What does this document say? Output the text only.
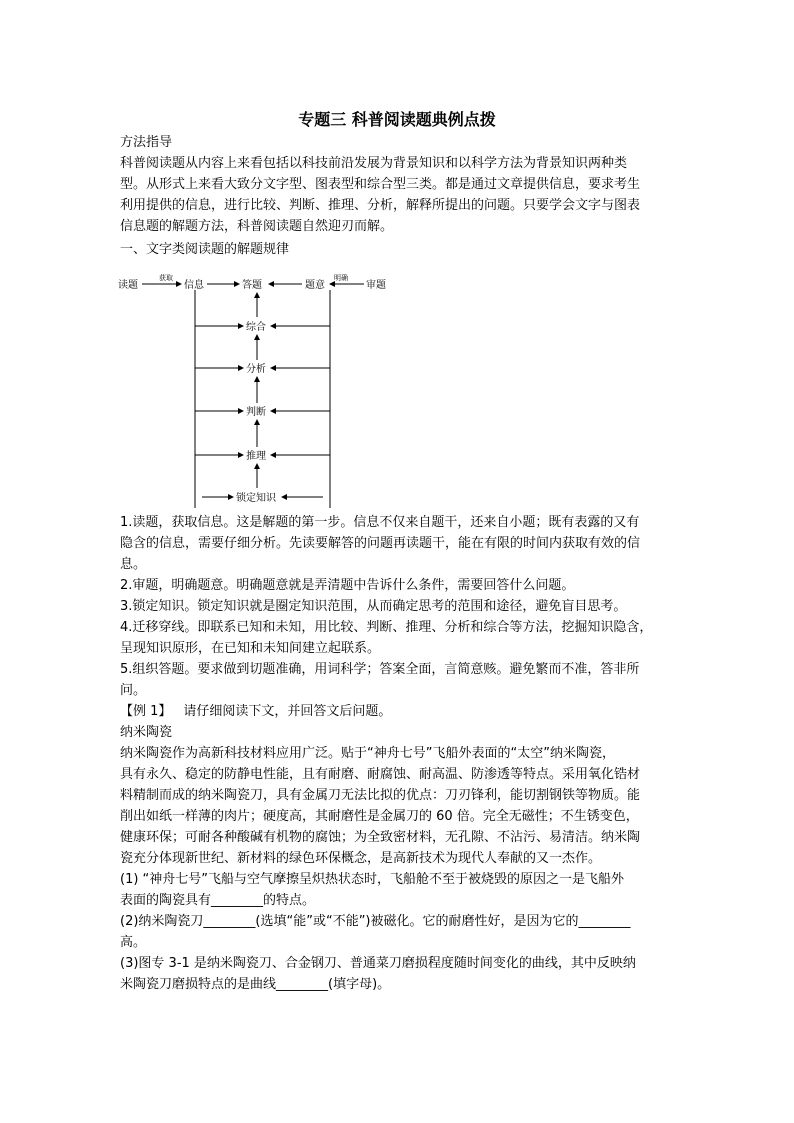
专题三 科普阅读题典例点拨
方法指导
科普阅读题从内容上来看包括以科技前沿发展为背景知识和以科学方法为背景知识两种类
型。从形式上来看大致分文字型、图表型和综合型三类。都是通过文章提供信息，要求考生
利用提供的信息，进行比较、判断、推理、分析，解释所提出的问题。只要学会文字与图表
信息题的解题方法，科普阅读题自然迎刃而解。
一、文字类阅读题的解题规律
读题
获取
信息	答题	题意
明确
审题
综合
分析
判断
推理
锁定知识
1.读题，获取信息。这是解题的第一步。信息不仅来自题干，还来自小题；既有表露的又有
隐含的信息，需要仔细分析。先读要解答的问题再读题干，能在有限的时间内获取有效的信
息。
2.审题，明确题意。明确题意就是弄清题中告诉什么条件，需要回答什么问题。
3.锁定知识。锁定知识就是圈定知识范围，从而确定思考的范围和途径，避免盲目思考。
4.迁移穿线。即联系已知和未知，用比较、判断、推理、分析和综合等方法，挖掘知识隐含，
呈现知识原形，在已知和未知间建立起联系。
5.组织答题。要求做到切题准确，用词科学；答案全面，言简意赅。避免繁而不准，答非所
问。
【例 1】 请仔细阅读下文，并回答文后问题。
纳米陶瓷
纳米陶瓷作为高新科技材料应用广泛。贴于“神舟七号”飞船外表面的“太空”纳米陶瓷，
具有永久、稳定的防静电性能，且有耐磨、耐腐蚀、耐高温、防渗透等特点。采用氧化锆材
料精制而成的纳米陶瓷刀，具有金属刀无法比拟的优点：刀刃锋利，能切割钢铁等物质。能
削出如纸一样薄的肉片；硬度高，其耐磨性是金属刀的 60 倍。完全无磁性；不生锈变色，
健康环保；可耐各种酸碱有机物的腐蚀；为全致密材料，无孔隙、不沾污、易清洁。纳米陶
瓷充分体现新世纪、新材料的绿色环保概念，是高新技术为现代人奉献的又一杰作。
(1) “神舟七号”飞船与空气摩擦呈炽热状态时，飞船舱不至于被烧毁的原因之一是飞船外
表面的陶瓷具有________的特点。
(2)纳米陶瓷刀________(选填“能”或“不能”)被磁化。它的耐磨性好，是因为它的________
高。
(3)图专 3-1 是纳米陶瓷刀、合金钢刀、普通菜刀磨损程度随时间变化的曲线，其中反映纳
米陶瓷刀磨损特点的是曲线________(填字母)。
